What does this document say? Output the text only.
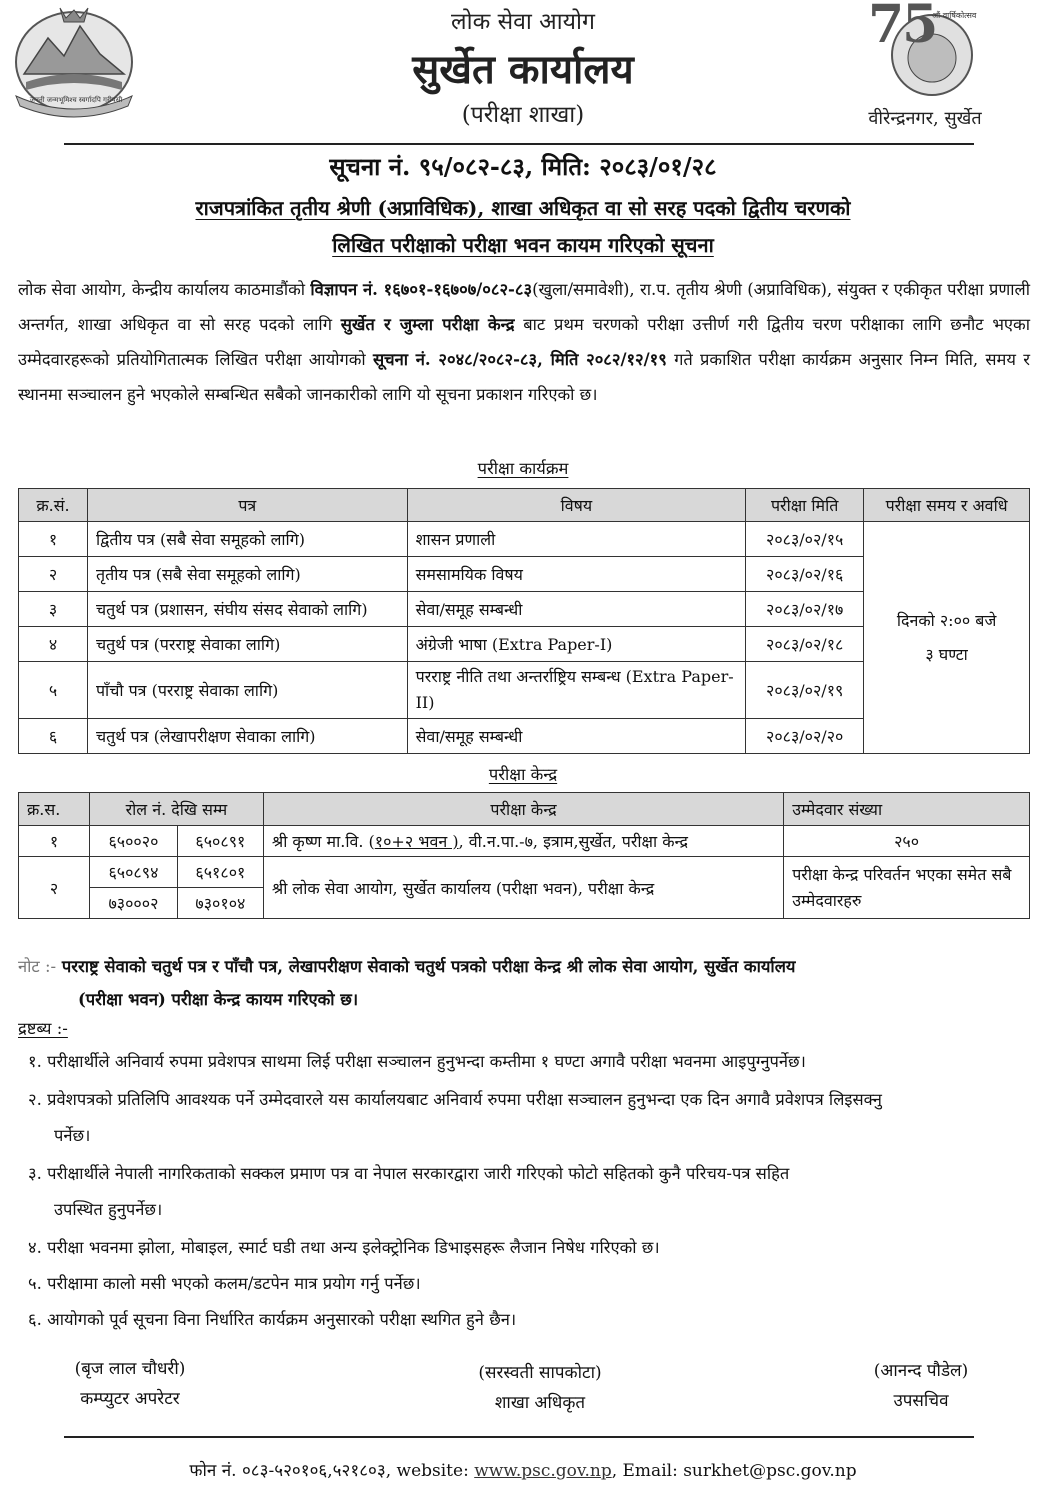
जननी जन्मभूमिश्च स्वर्गादपि गरीयसी
75
औं वार्षिकोत्सव
लोक सेवा आयोग
सुर्खेत कार्यालय
(परीक्षा शाखा)	वीरेन्द्रनगर, सुर्खेत
सूचना नं. ९५/०८२-८३, मिति: २०८३/०१/२८
राजपत्रांकित तृतीय श्रेणी (अप्राविधिक), शाखा अधिकृत वा सो सरह पदको द्वितीय चरणको
लिखित परीक्षाको परीक्षा भवन कायम गरिएको सूचना
लोक सेवा आयोग, केन्द्रीय कार्यालय काठमाडौंको विज्ञापन नं. १६७०१-१६७०७/०८२-८३(खुला/समावेशी), रा.प. तृतीय श्रेणी (अप्राविधिक), संयुक्त र एकीकृत परीक्षा प्रणाली अन्तर्गत, शाखा अधिकृत वा सो सरह पदको लागि सुर्खेत र जुम्ला परीक्षा केन्द्र बाट प्रथम चरणको परीक्षा उत्तीर्ण गरी द्वितीय चरण परीक्षाका लागि छनौट भएका उम्मेदवारहरूको प्रतियोगितात्मक लिखित परीक्षा आयोगको सूचना नं. २०४८/२०८२-८३, मिति २०८२/१२/१९ गते प्रकाशित परीक्षा कार्यक्रम अनुसार निम्न मिति, समय र स्थानमा सञ्चालन हुने भएकोले सम्बन्धित सबैको जानकारीको लागि यो सूचना प्रकाशन गरिएको छ।
परीक्षा कार्यक्रम
क्र.सं.	पत्र	विषय	परीक्षा मिति	परीक्षा समय र अवधि
१	द्वितीय पत्र (सबै सेवा समूहको लागि)	शासन प्रणाली	२०८३/०२/१५	दिनको २:०० बजे
३ घण्टा

२	तृतीय पत्र (सबै सेवा समूहको लागि)	समसामयिक विषय	२०८३/०२/१६	
३	चतुर्थ पत्र (प्रशासन, संघीय संसद सेवाको लागि)	सेवा/समूह सम्बन्धी	२०८३/०२/१७	
४	चतुर्थ पत्र (परराष्ट्र सेवाका लागि)	अंग्रेजी भाषा (Extra Paper-I)	२०८३/०२/१८	
५	पाँचौ पत्र (परराष्ट्र सेवाका लागि)	परराष्ट्र नीति तथा अन्तर्राष्ट्रिय सम्बन्ध (Extra Paper-II)	२०८३/०२/१९	
६	चतुर्थ पत्र (लेखापरीक्षण सेवाका लागि)	सेवा/समूह सम्बन्धी	२०८३/०२/२०	
परीक्षा केन्द्र
क्र.स.	रोल नं. देखि सम्म		परीक्षा केन्द्र	उम्मेदवार संख्या
१	६५००२०	६५०८९१	श्री कृष्ण मा.वि. (१०+२ भवन ), वी.न.पा.-७, इत्राम,सुर्खेत, परीक्षा केन्द्र	२५०
२	६५०८९४	६५१८०१	श्री लोक सेवा आयोग, सुर्खेत कार्यालय (परीक्षा भवन), परीक्षा केन्द्र	परीक्षा केन्द्र परिवर्तन भएका समेत सबै उम्मेदवारहरु
	७३०००२	७३०१०४		
नोट :- परराष्ट्र सेवाको चतुर्थ पत्र र पाँचौ पत्र, लेखापरीक्षण सेवाको चतुर्थ पत्रको परीक्षा केन्द्र श्री लोक सेवा आयोग, सुर्खेत कार्यालय
(परीक्षा भवन) परीक्षा केन्द्र कायम गरिएको छ।
द्रष्टब्य :-
१. परीक्षार्थीले अनिवार्य रुपमा प्रवेशपत्र साथमा लिई परीक्षा सञ्चालन हुनुभन्दा कम्तीमा १ घण्टा अगावै परीक्षा भवनमा आइपुग्नुपर्नेछ।
२. प्रवेशपत्रको प्रतिलिपि आवश्यक पर्ने उम्मेदवारले यस कार्यालयबाट अनिवार्य रुपमा परीक्षा सञ्चालन हुनुभन्दा एक दिन अगावै प्रवेशपत्र लिइसक्नु
पर्नेछ।
३. परीक्षार्थीले नेपाली नागरिकताको सक्कल प्रमाण पत्र वा नेपाल सरकारद्वारा जारी गरिएको फोटो सहितको कुनै परिचय-पत्र सहित
उपस्थित हुनुपर्नेछ।
४. परीक्षा भवनमा झोला, मोबाइल, स्मार्ट घडी तथा अन्य इलेक्ट्रोनिक डिभाइसहरू लैजान निषेध गरिएको छ।
५. परीक्षामा कालो मसी भएको कलम/डटपेन मात्र प्रयोग गर्नु पर्नेछ।
६. आयोगको पूर्व सूचना विना निर्धारित कार्यक्रम अनुसारको परीक्षा स्थगित हुने छैन।
(बृज लाल चौधरी)
कम्प्युटर अपरेटर
(सरस्वती सापकोटा)
शाखा अधिकृत
(आनन्द पौडेल)
उपसचिव
फोन नं. ०८३-५२०१०६,५२१८०३, website: www.psc.gov.np, Email: surkhet@psc.gov.np
